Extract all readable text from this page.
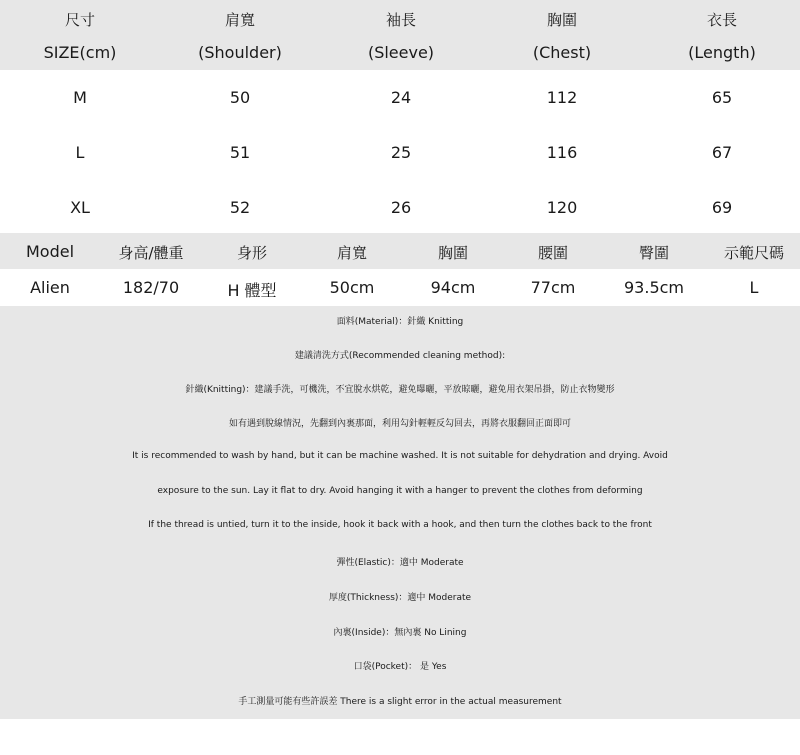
尺寸	肩寬	袖長	胸圍	衣長
SIZE(cm)	(Shoulder)	(Sleeve)	(Chest)	(Length)
M	50	24	112	65
L	51	25	116	67
XL	52	26	120	69
Model	身高/體重	身形	肩寬	胸圍	腰圍	臀圍	示範尺碼
Alien	182/70	H 體型	50cm	94cm	77cm	93.5cm	L
面料(Material)：針織 Knitting
建議清洗方式(Recommended cleaning method):
針織(Knitting)：建議手洗，可機洗，不宜脫水烘乾，避免曝曬，平放晾曬，避免用衣架吊掛，防止衣物變形
如有遇到脫線情況，先翻到內裏那面，利用勾針輕輕反勾回去，再將衣服翻回正面即可
It is recommended to wash by hand, but it can be machine washed. It is not suitable for dehydration and drying. Avoid
exposure to the sun. Lay it flat to dry. Avoid hanging it with a hanger to prevent the clothes from deforming
If the thread is untied, turn it to the inside, hook it back with a hook, and then turn the clothes back to the front
彈性(Elastic)：適中 Moderate
厚度(Thickness)：適中 Moderate
內裏(Inside)：無內裏 No Lining
口袋(Pocket)： 是 Yes
手工測量可能有些許誤差 There is a slight error in the actual measurement
